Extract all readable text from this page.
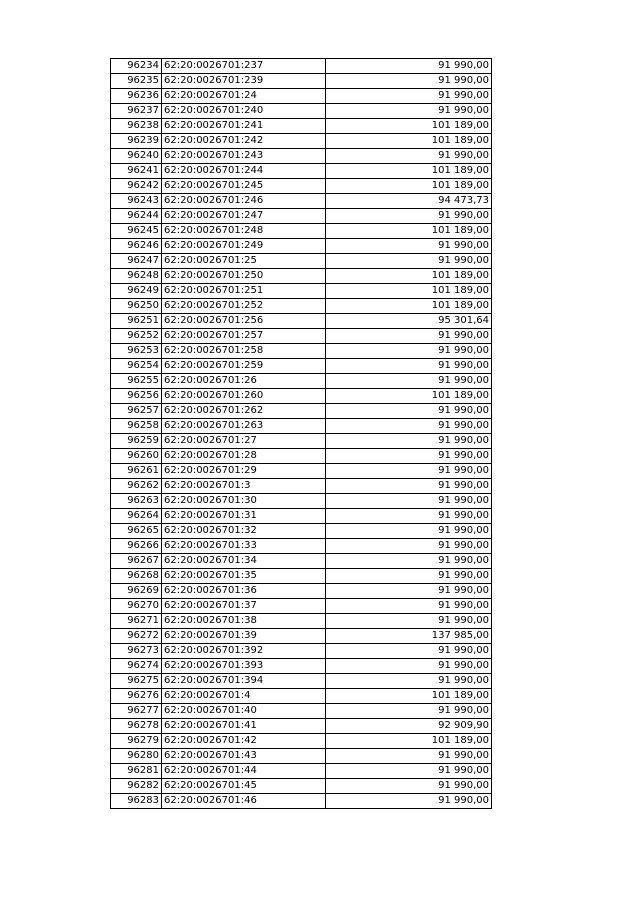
96234	62:20:0026701:237	91 990,00
96235	62:20:0026701:239	91 990,00
96236	62:20:0026701:24	91 990,00
96237	62:20:0026701:240	91 990,00
96238	62:20:0026701:241	101 189,00
96239	62:20:0026701:242	101 189,00
96240	62:20:0026701:243	91 990,00
96241	62:20:0026701:244	101 189,00
96242	62:20:0026701:245	101 189,00
96243	62:20:0026701:246	94 473,73
96244	62:20:0026701:247	91 990,00
96245	62:20:0026701:248	101 189,00
96246	62:20:0026701:249	91 990,00
96247	62:20:0026701:25	91 990,00
96248	62:20:0026701:250	101 189,00
96249	62:20:0026701:251	101 189,00
96250	62:20:0026701:252	101 189,00
96251	62:20:0026701:256	95 301,64
96252	62:20:0026701:257	91 990,00
96253	62:20:0026701:258	91 990,00
96254	62:20:0026701:259	91 990,00
96255	62:20:0026701:26	91 990,00
96256	62:20:0026701:260	101 189,00
96257	62:20:0026701:262	91 990,00
96258	62:20:0026701:263	91 990,00
96259	62:20:0026701:27	91 990,00
96260	62:20:0026701:28	91 990,00
96261	62:20:0026701:29	91 990,00
96262	62:20:0026701:3	91 990,00
96263	62:20:0026701:30	91 990,00
96264	62:20:0026701:31	91 990,00
96265	62:20:0026701:32	91 990,00
96266	62:20:0026701:33	91 990,00
96267	62:20:0026701:34	91 990,00
96268	62:20:0026701:35	91 990,00
96269	62:20:0026701:36	91 990,00
96270	62:20:0026701:37	91 990,00
96271	62:20:0026701:38	91 990,00
96272	62:20:0026701:39	137 985,00
96273	62:20:0026701:392	91 990,00
96274	62:20:0026701:393	91 990,00
96275	62:20:0026701:394	91 990,00
96276	62:20:0026701:4	101 189,00
96277	62:20:0026701:40	91 990,00
96278	62:20:0026701:41	92 909,90
96279	62:20:0026701:42	101 189,00
96280	62:20:0026701:43	91 990,00
96281	62:20:0026701:44	91 990,00
96282	62:20:0026701:45	91 990,00
96283	62:20:0026701:46	91 990,00
